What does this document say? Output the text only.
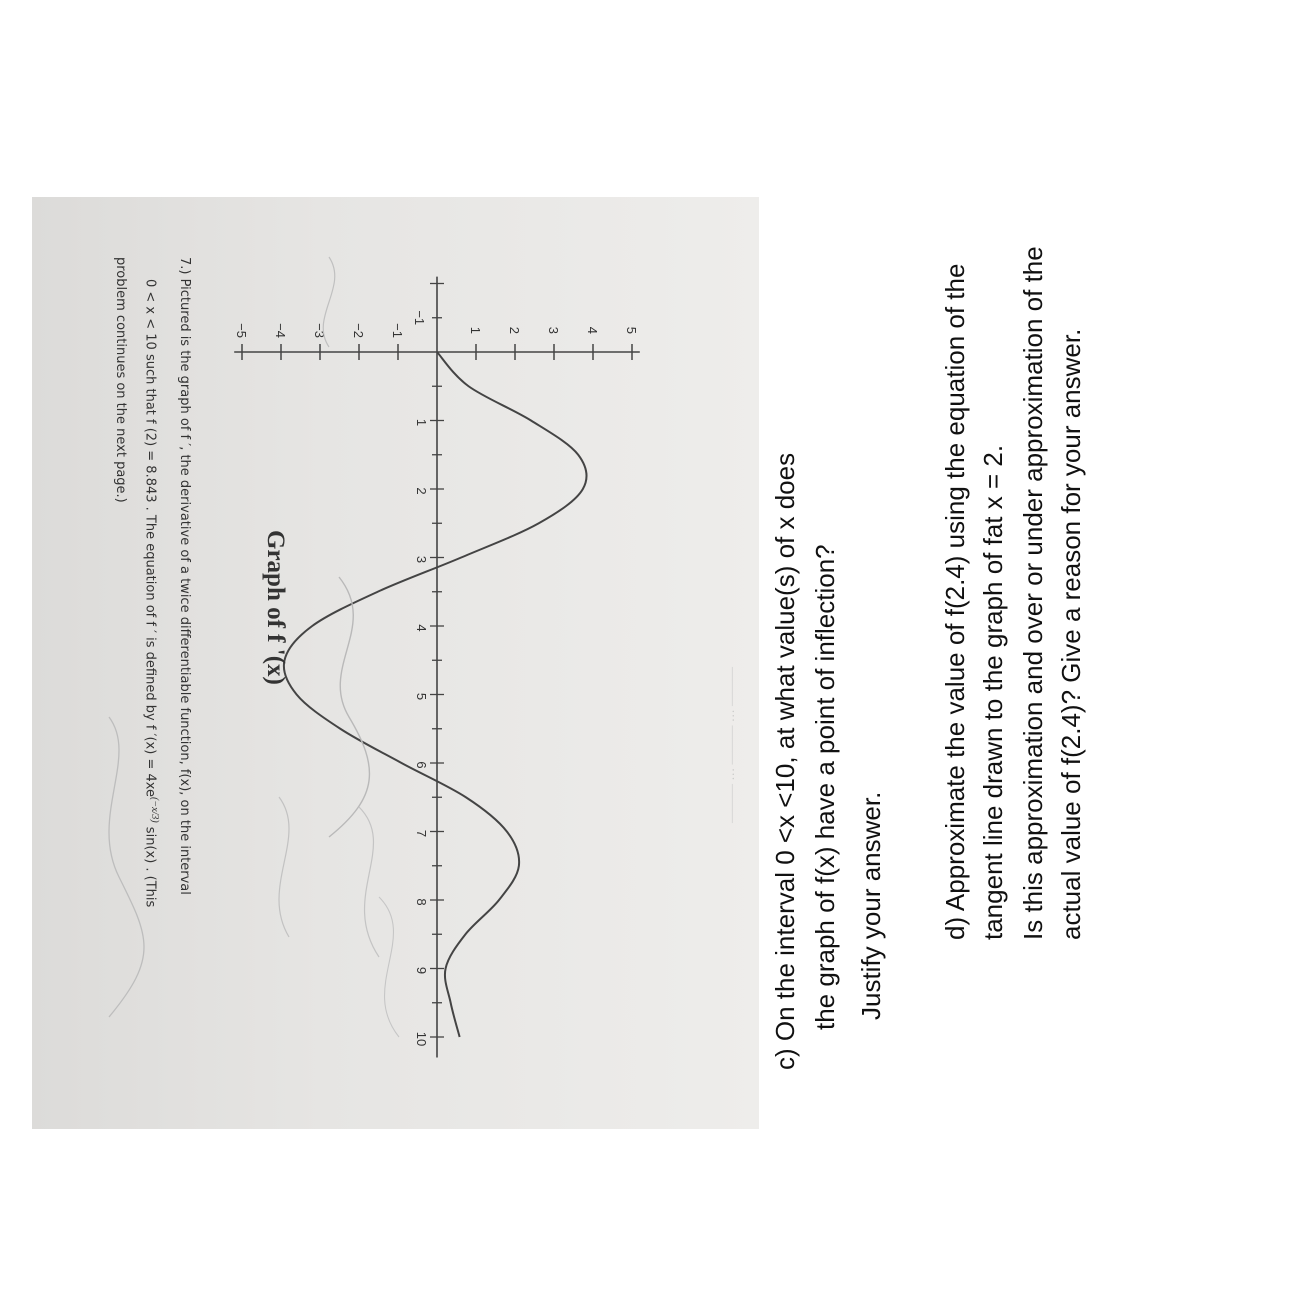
——— ··· ——— ··· ———
1
2
3
4
5
6
7
8
9
10
−1
1 2 3 4 5
−1
−2
−3
−4
−5
Graph of f '(x)
7.) Pictured is the graph of f ′, the derivative of a twice differentiable function, f(x), on the interval
0 < x < 10 such that f (2) = 8.843 . The equation of f ′ is defined by f $'(x) = 4xe^{(-x/3)}$ sin(x) . (This
problem continues on the next page.)

c) On the interval 0 <x <10, at what value(s) of x does the graph of f(x) have a point of inflection? Justify your answer. d) Approximate the value of f(2.4) using the equation of the tangent line drawn to the graph of fat x = 2. Is this approximation and over or under approximation of the actual value of f(2.4)? Give a reason for your answer.
